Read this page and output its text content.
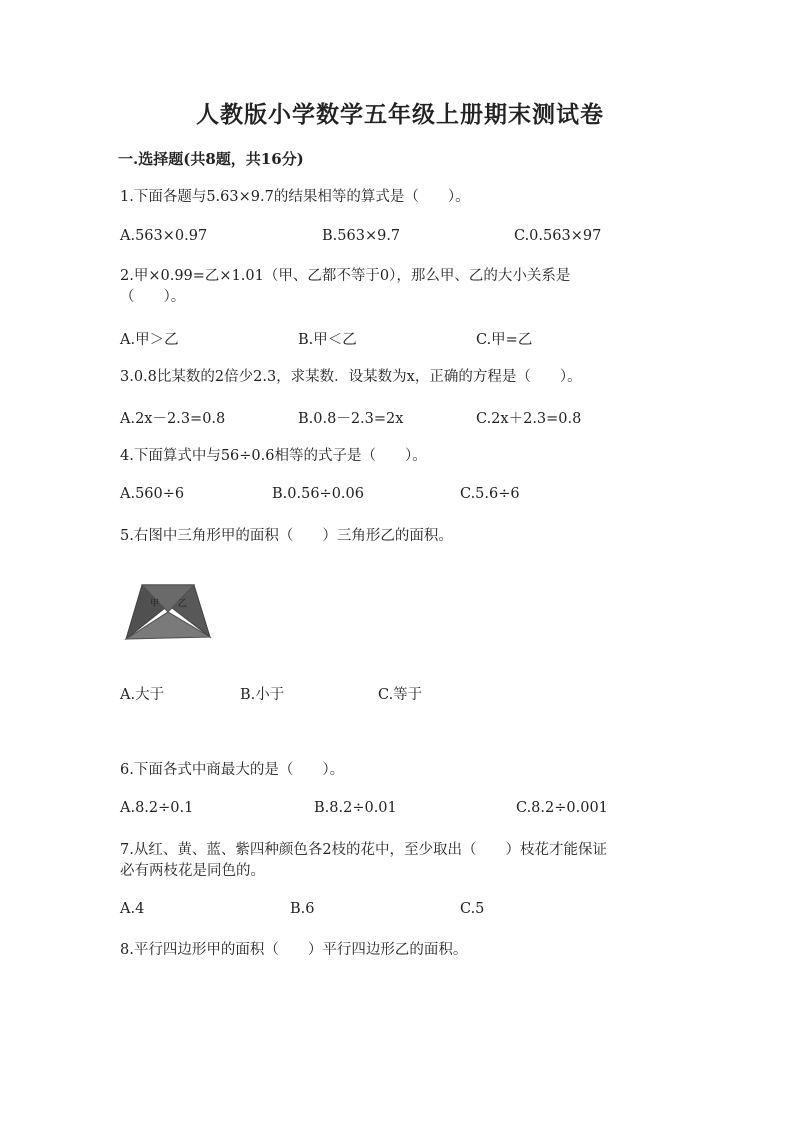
人教版小学数学五年级上册期末测试卷
一.选择题(共8题，共16分)
1.下面各题与5.63×9.7的结果相等的算式是（　　）。
A.563×0.97	B.563×9.7	C.0.563×97
2.甲×0.99=乙×1.01（甲、乙都不等于0），那么甲、乙的大小关系是
（　　）。
A.甲＞乙	B.甲＜乙	C.甲=乙
3.0.8比某数的2倍少2.3，求某数．设某数为x，正确的方程是（　　）。
A.2x－2.3=0.8	B.0.8－2.3=2x	C.2x＋2.3=0.8
4.下面算式中与56÷0.6相等的式子是（　　）。
A.560÷6	B.0.56÷0.06	C.5.6÷6
5.右图中三角形甲的面积（　　）三角形乙的面积。
甲 乙
A.大于	B.小于	C.等于
6.下面各式中商最大的是（　　）。
A.8.2÷0.1	B.8.2÷0.01	C.8.2÷0.001
7.从红、黄、蓝、紫四种颜色各2枝的花中，至少取出（　　）枝花才能保证
必有两枝花是同色的。
A.4	B.6	C.5
8.平行四边形甲的面积（　　）平行四边形乙的面积。
